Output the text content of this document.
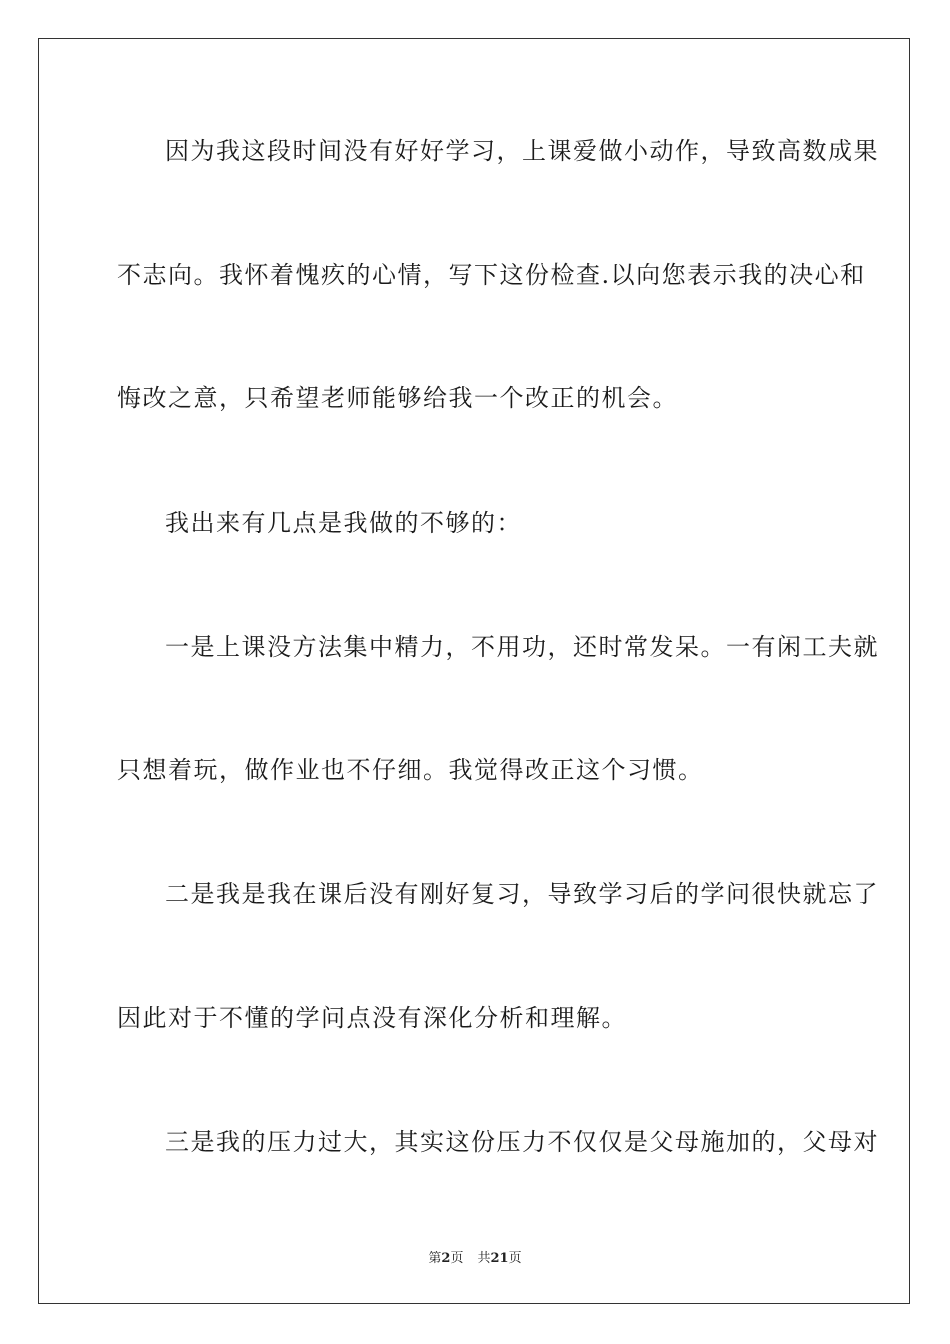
因为我这段时间没有好好学习，上课爱做小动作，导致高数成果
不志向。我怀着愧疚的心情，写下这份检查.以向您表示我的决心和
悔改之意，只希望老师能够给我一个改正的机会。
我出来有几点是我做的不够的：
一是上课没方法集中精力，不用功，还时常发呆。一有闲工夫就
只想着玩，做作业也不仔细。我觉得改正这个习惯。
二是我是我在课后没有刚好复习，导致学习后的学问很快就忘了
因此对于不懂的学问点没有深化分析和理解。
三是我的压力过大，其实这份压力不仅仅是父母施加的，父母对
第2页 共21页
